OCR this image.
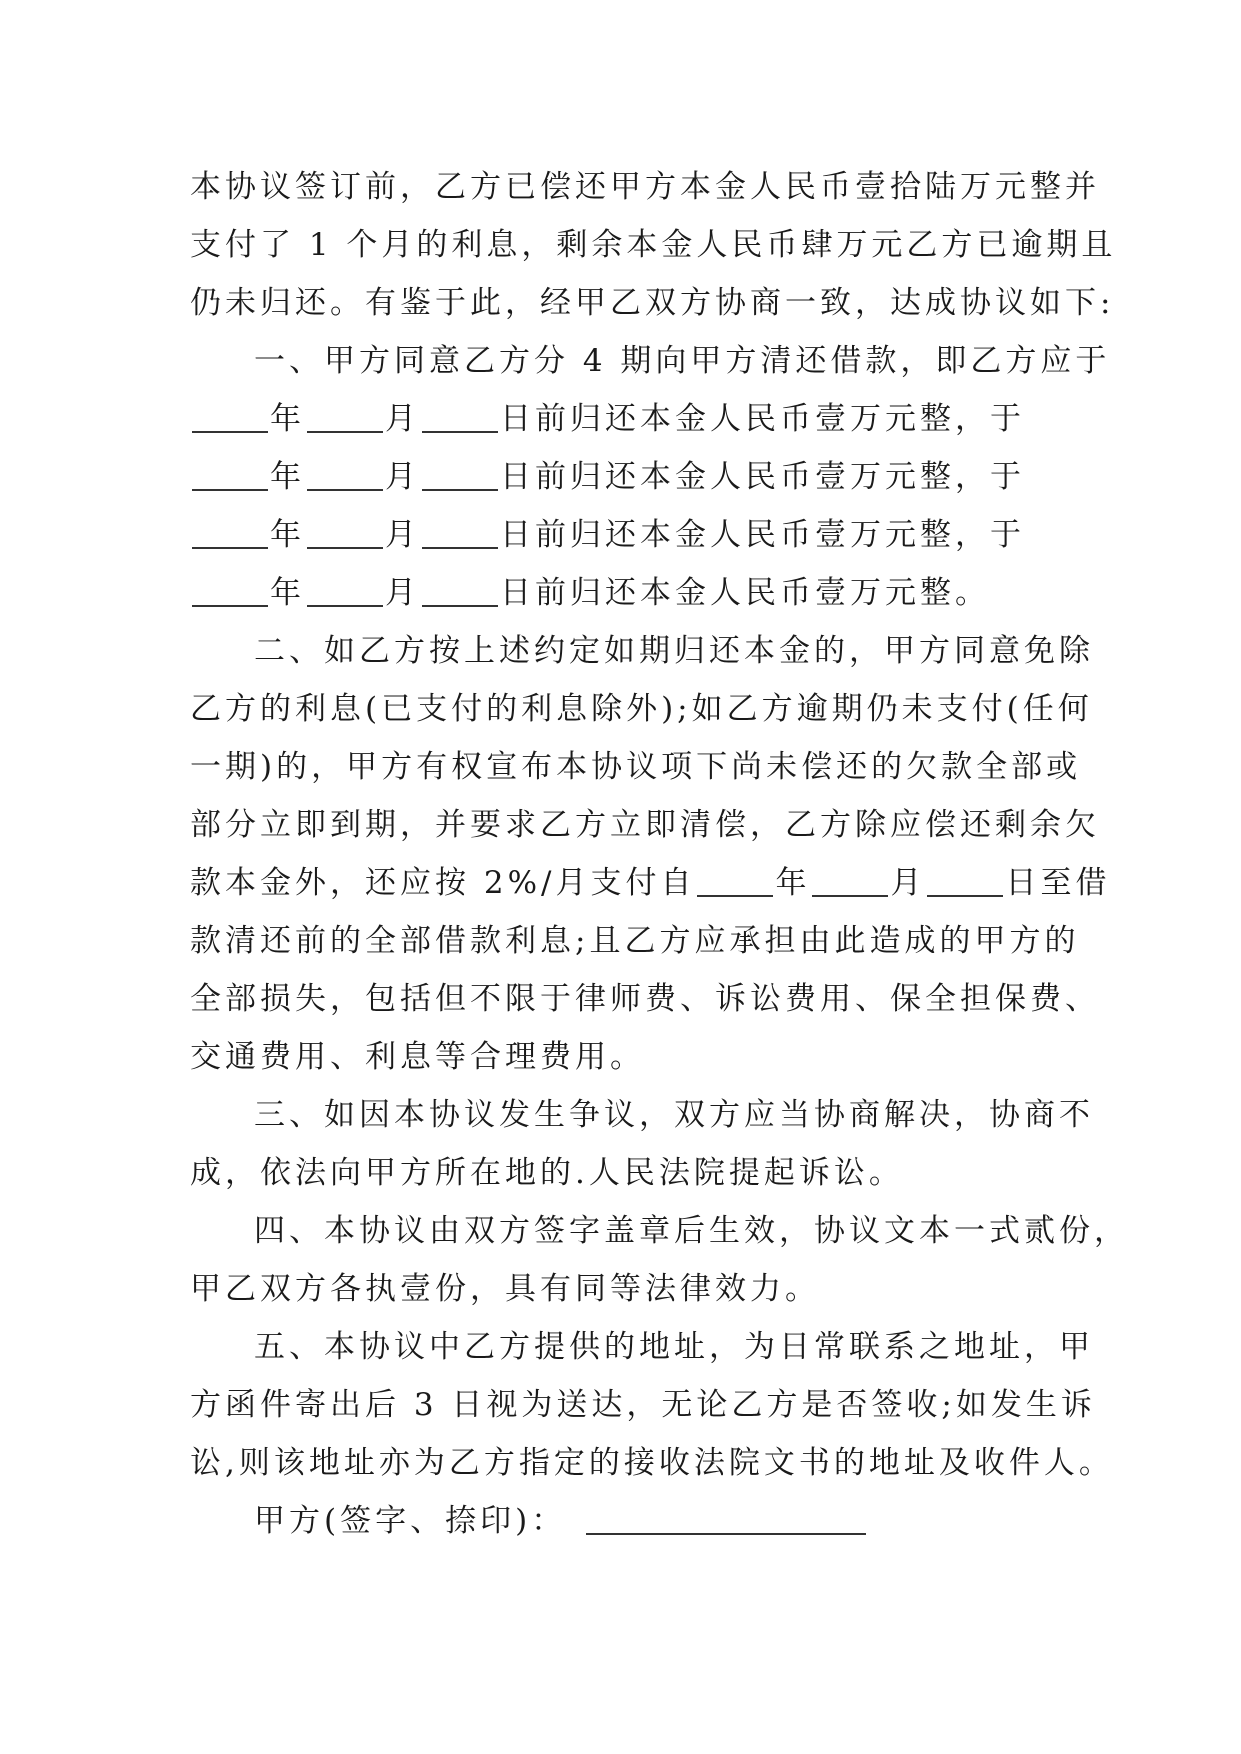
本协议签订前，乙方已偿还甲方本金人民币壹拾陆万元整并
支付了 1 个月的利息，剩余本金人民币肆万元乙方已逾期且
仍未归还。有鉴于此，经甲乙双方协商一致，达成协议如下:
一、甲方同意乙方分 4 期向甲方清还借款，即乙方应于
年	月	日前归还本金人民币壹万元整，于
年	月	日前归还本金人民币壹万元整，于
年	月	日前归还本金人民币壹万元整，于
年	月	日前归还本金人民币壹万元整。
二、如乙方按上述约定如期归还本金的，甲方同意免除
乙方的利息(已支付的利息除外);如乙方逾期仍未支付(任何
一期)的，甲方有权宣布本协议项下尚未偿还的欠款全部或
部分立即到期，并要求乙方立即清偿，乙方除应偿还剩余欠
款本金外，还应按 2%/月支付自	年	月	日至借
款清还前的全部借款利息;且乙方应承担由此造成的甲方的
全部损失，包括但不限于律师费、诉讼费用、保全担保费、
交通费用、利息等合理费用。
三、如因本协议发生争议，双方应当协商解决，协商不
成，依法向甲方所在地的.人民法院提起诉讼。
四、本协议由双方签字盖章后生效，协议文本一式贰份，
甲乙双方各执壹份，具有同等法律效力。
五、本协议中乙方提供的地址，为日常联系之地址，甲
方函件寄出后 3 日视为送达，无论乙方是否签收;如发生诉
讼,则该地址亦为乙方指定的接收法院文书的地址及收件人。
甲方(签字、捺印)：
